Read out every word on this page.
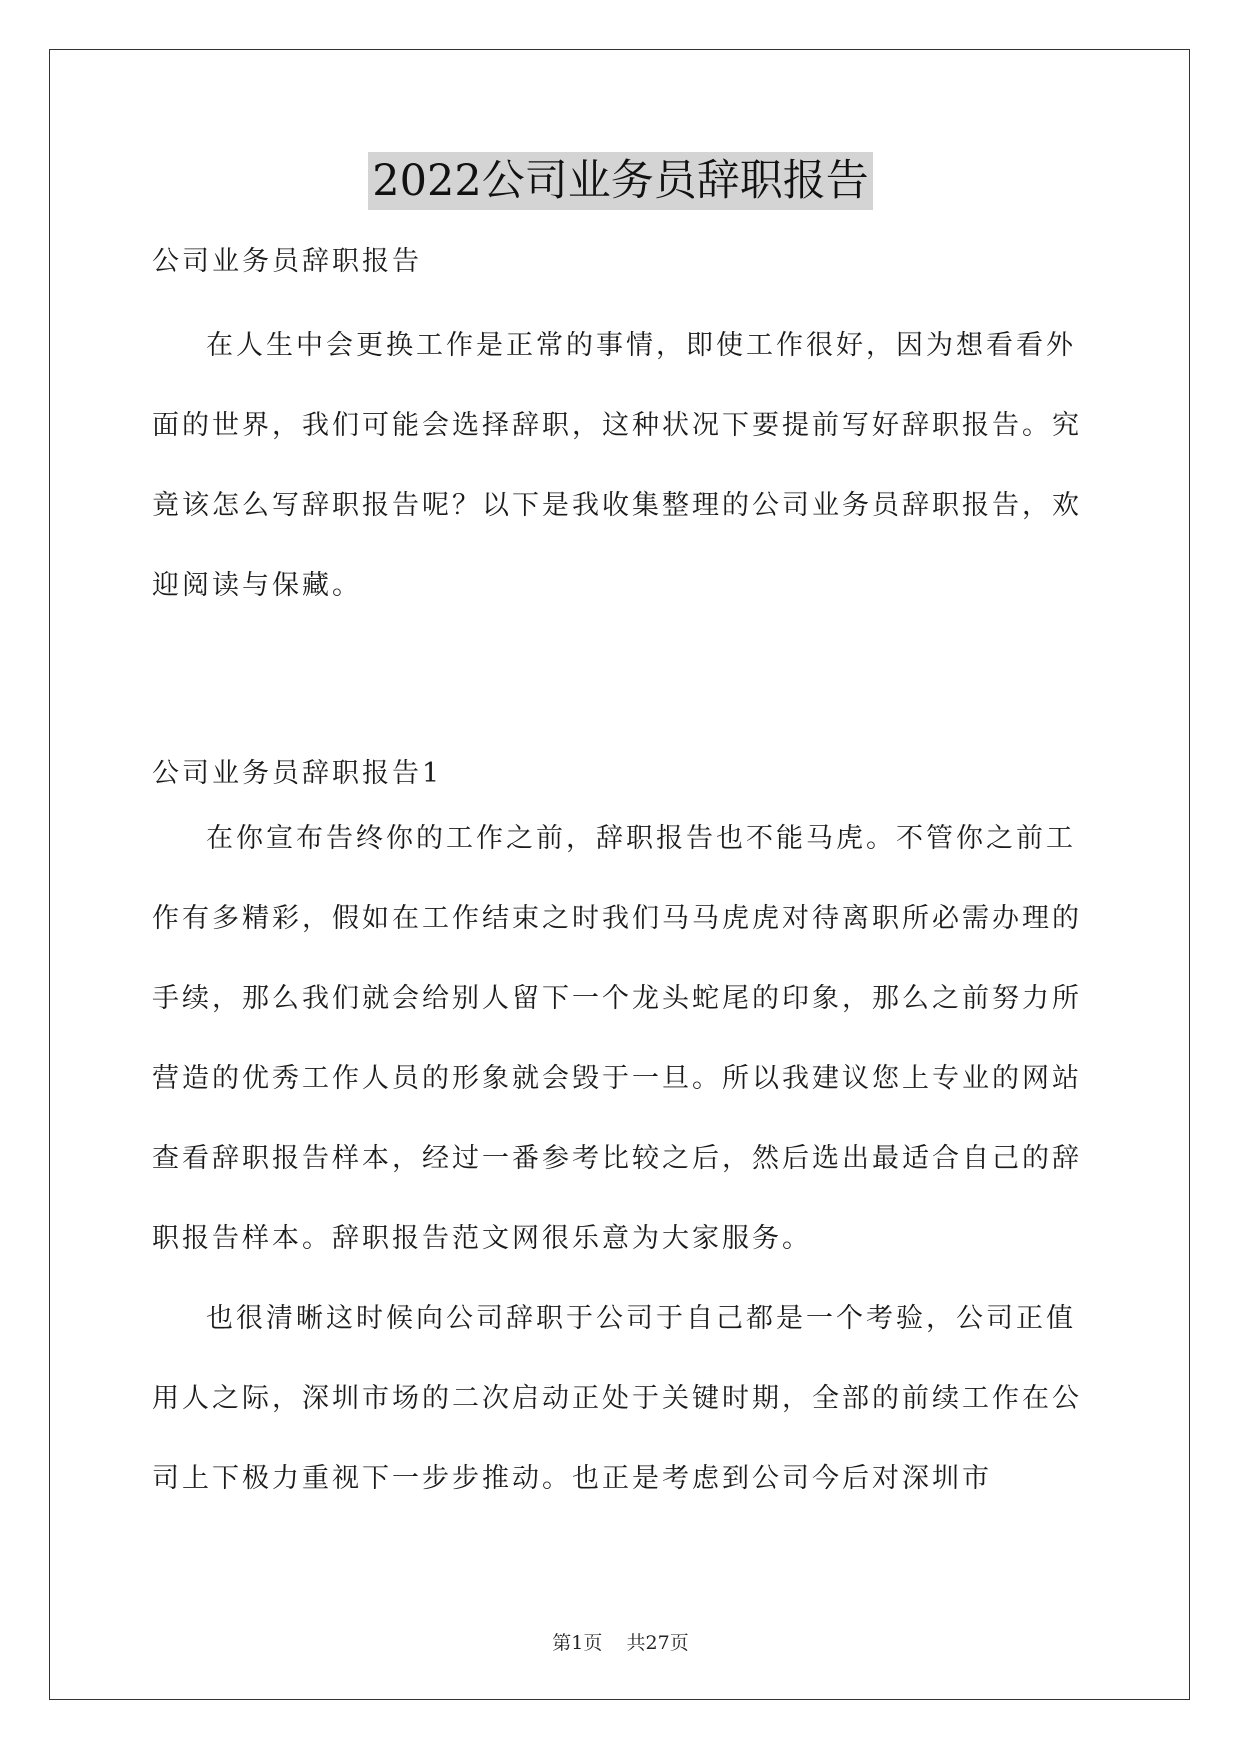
2022公司业务员辞职报告
公司业务员辞职报告

在人生中会更换工作是正常的事情，即使工作很好，因为想看看外面的世界，我们可能会选择辞职，这种状况下要提前写好辞职报告。究竟该怎么写辞职报告呢？以下是我收集整理的公司业务员辞职报告，欢迎阅读与保藏。

公司业务员辞职报告1

在你宣布告终你的工作之前，辞职报告也不能马虎。不管你之前工作有多精彩，假如在工作结束之时我们马马虎虎对待离职所必需办理的手续，那么我们就会给别人留下一个龙头蛇尾的印象，那么之前努力所营造的优秀工作人员的形象就会毁于一旦。所以我建议您上专业的网站查看辞职报告样本，经过一番参考比较之后，然后选出最适合自己的辞职报告样本。辞职报告范文网很乐意为大家服务。

也很清晰这时候向公司辞职于公司于自己都是一个考验，公司正值用人之际，深圳市场的二次启动正处于关键时期，全部的前续工作在公司上下极力重视下一步步推动。也正是考虑到公司今后对深圳市

第1页 共27页
